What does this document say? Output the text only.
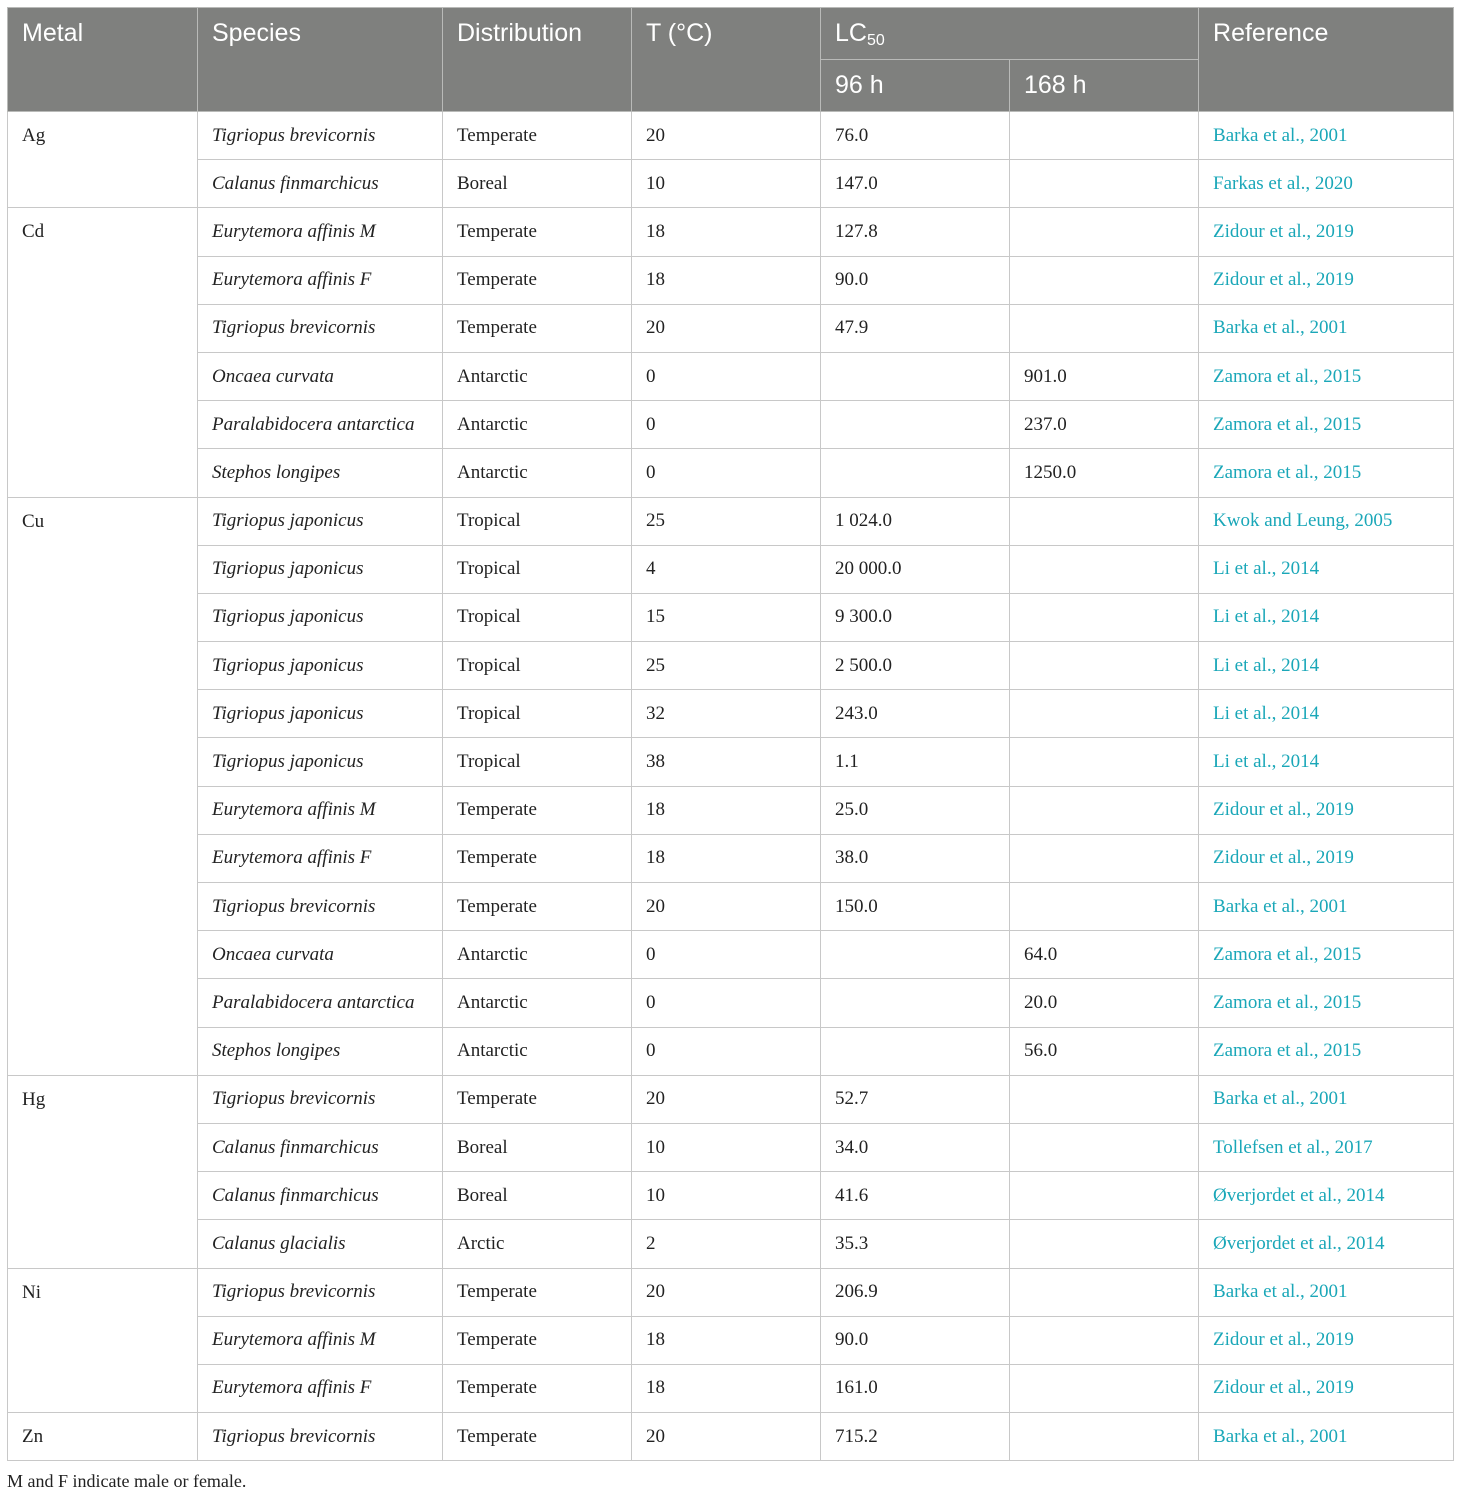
Metal	Species	Distribution	T (°C)	$LC_{50}$		Reference
				96 h	168 h	
Ag	Tigriopus brevicornis	Temperate	20	76.0		Barka et al., 2001
	Calanus finmarchicus	Boreal	10	147.0		Farkas et al., 2020
Cd	Eurytemora affinis M	Temperate	18	127.8		Zidour et al., 2019
	Eurytemora affinis F	Temperate	18	90.0		Zidour et al., 2019
	Tigriopus brevicornis	Temperate	20	47.9		Barka et al., 2001
	Oncaea curvata	Antarctic	0		901.0	Zamora et al., 2015
	Paralabidocera antarctica	Antarctic	0		237.0	Zamora et al., 2015
	Stephos longipes	Antarctic	0		1250.0	Zamora et al., 2015
Cu	Tigriopus japonicus	Tropical	25	1 024.0		Kwok and Leung, 2005
	Tigriopus japonicus	Tropical	4	20 000.0		Li et al., 2014
	Tigriopus japonicus	Tropical	15	9 300.0		Li et al., 2014
	Tigriopus japonicus	Tropical	25	2 500.0		Li et al., 2014
	Tigriopus japonicus	Tropical	32	243.0		Li et al., 2014
	Tigriopus japonicus	Tropical	38	1.1		Li et al., 2014
	Eurytemora affinis M	Temperate	18	25.0		Zidour et al., 2019
	Eurytemora affinis F	Temperate	18	38.0		Zidour et al., 2019
	Tigriopus brevicornis	Temperate	20	150.0		Barka et al., 2001
	Oncaea curvata	Antarctic	0		64.0	Zamora et al., 2015
	Paralabidocera antarctica	Antarctic	0		20.0	Zamora et al., 2015
	Stephos longipes	Antarctic	0		56.0	Zamora et al., 2015
Hg	Tigriopus brevicornis	Temperate	20	52.7		Barka et al., 2001
	Calanus finmarchicus	Boreal	10	34.0		Tollefsen et al., 2017
	Calanus finmarchicus	Boreal	10	41.6		Øverjordet et al., 2014
	Calanus glacialis	Arctic	2	35.3		Øverjordet et al., 2014
Ni	Tigriopus brevicornis	Temperate	20	206.9		Barka et al., 2001
	Eurytemora affinis M	Temperate	18	90.0		Zidour et al., 2019
	Eurytemora affinis F	Temperate	18	161.0		Zidour et al., 2019
Zn	Tigriopus brevicornis	Temperate	20	715.2		Barka et al., 2001
M and F indicate male or female.
